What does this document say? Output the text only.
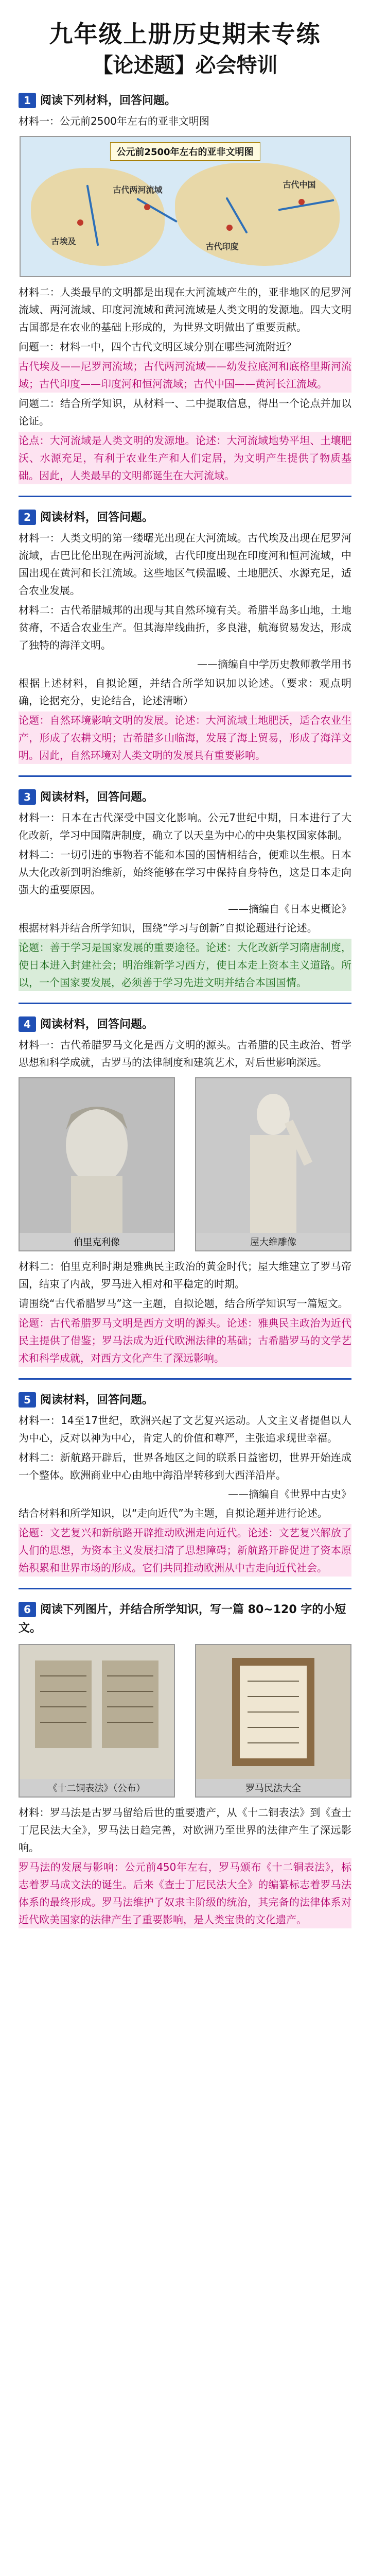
九年级上册历史期末专练
【论述题】必会特训
1 阅读下列材料，回答问题。
材料一：公元前2500年左右的亚非文明图
公元前2500年左右的亚非文明图
古埃及
古代两河流域
古代印度
古代中国
材料二：人类最早的文明都是出现在大河流域产生的，亚非地区的尼罗河流域、两河流域、印度河流域和黄河流域是人类文明的发源地。四大文明古国都是在农业的基础上形成的，为世界文明做出了重要贡献。
问题一：材料一中，四个古代文明区域分别在哪些河流附近？
古代埃及——尼罗河流域；古代两河流域——幼发拉底河和底格里斯河流域；古代印度——印度河和恒河流域；古代中国——黄河长江流域。
问题二：结合所学知识，从材料一、二中提取信息，得出一个论点并加以论证。
论点：大河流域是人类文明的发源地。论述：大河流域地势平坦、土壤肥沃、水源充足，有利于农业生产和人们定居，为文明产生提供了物质基础。因此，人类最早的文明都诞生在大河流域。
2 阅读材料，回答问题。
材料一：人类文明的第一缕曙光出现在大河流域。古代埃及出现在尼罗河流域，古巴比伦出现在两河流域，古代印度出现在印度河和恒河流域，中国出现在黄河和长江流域。这些地区气候温暖、土地肥沃、水源充足，适合农业发展。
材料二：古代希腊城邦的出现与其自然环境有关。希腊半岛多山地，土地贫瘠，不适合农业生产。但其海岸线曲折，多良港，航海贸易发达，形成了独特的海洋文明。
——摘编自中学历史教师教学用书
根据上述材料，自拟论题，并结合所学知识加以论述。（要求：观点明确，论据充分，史论结合，论述清晰）
论题：自然环境影响文明的发展。论述：大河流域土地肥沃，适合农业生产，形成了农耕文明；古希腊多山临海，发展了海上贸易，形成了海洋文明。因此，自然环境对人类文明的发展具有重要影响。
3 阅读材料，回答问题。
材料一：日本在古代深受中国文化影响。公元7世纪中期，日本进行了大化改新，学习中国隋唐制度，确立了以天皇为中心的中央集权国家体制。
材料二：一切引进的事物若不能和本国的国情相结合，便难以生根。日本从大化改新到明治维新，始终能够在学习中保持自身特色，这是日本走向强大的重要原因。
——摘编自《日本史概论》
根据材料并结合所学知识，围绕“学习与创新”自拟论题进行论述。
论题：善于学习是国家发展的重要途径。论述：大化改新学习隋唐制度，使日本进入封建社会；明治维新学习西方，使日本走上资本主义道路。所以，一个国家要发展，必须善于学习先进文明并结合本国国情。
4 阅读材料，回答问题。
材料一：古代希腊罗马文化是西方文明的源头。古希腊的民主政治、哲学思想和科学成就，古罗马的法律制度和建筑艺术，对后世影响深远。
伯里克利像	屋大维雕像
材料二：伯里克利时期是雅典民主政治的黄金时代；屋大维建立了罗马帝国，结束了内战，罗马进入相对和平稳定的时期。
请围绕“古代希腊罗马”这一主题，自拟论题，结合所学知识写一篇短文。
论题：古代希腊罗马文明是西方文明的源头。论述：雅典民主政治为近代民主提供了借鉴；罗马法成为近代欧洲法律的基础；古希腊罗马的文学艺术和科学成就，对西方文化产生了深远影响。
5 阅读材料，回答问题。
材料一：14至17世纪，欧洲兴起了文艺复兴运动。人文主义者提倡以人为中心，反对以神为中心，肯定人的价值和尊严，主张追求现世幸福。
材料二：新航路开辟后，世界各地区之间的联系日益密切，世界开始连成一个整体。欧洲商业中心由地中海沿岸转移到大西洋沿岸。
——摘编自《世界中古史》
结合材料和所学知识，以“走向近代”为主题，自拟论题并进行论述。
论题：文艺复兴和新航路开辟推动欧洲走向近代。论述：文艺复兴解放了人们的思想，为资本主义发展扫清了思想障碍；新航路开辟促进了资本原始积累和世界市场的形成。它们共同推动欧洲从中古走向近代社会。
6 阅读下列图片，并结合所学知识，写一篇 80~120 字的小短文。
《十二铜表法》（公布）	罗马民法大全
材料：罗马法是古罗马留给后世的重要遗产，从《十二铜表法》到《查士丁尼民法大全》，罗马法日趋完善，对欧洲乃至世界的法律产生了深远影响。
罗马法的发展与影响：公元前450年左右，罗马颁布《十二铜表法》，标志着罗马成文法的诞生。后来《查士丁尼民法大全》的编纂标志着罗马法体系的最终形成。罗马法维护了奴隶主阶级的统治，其完备的法律体系对近代欧美国家的法律产生了重要影响，是人类宝贵的文化遗产。
